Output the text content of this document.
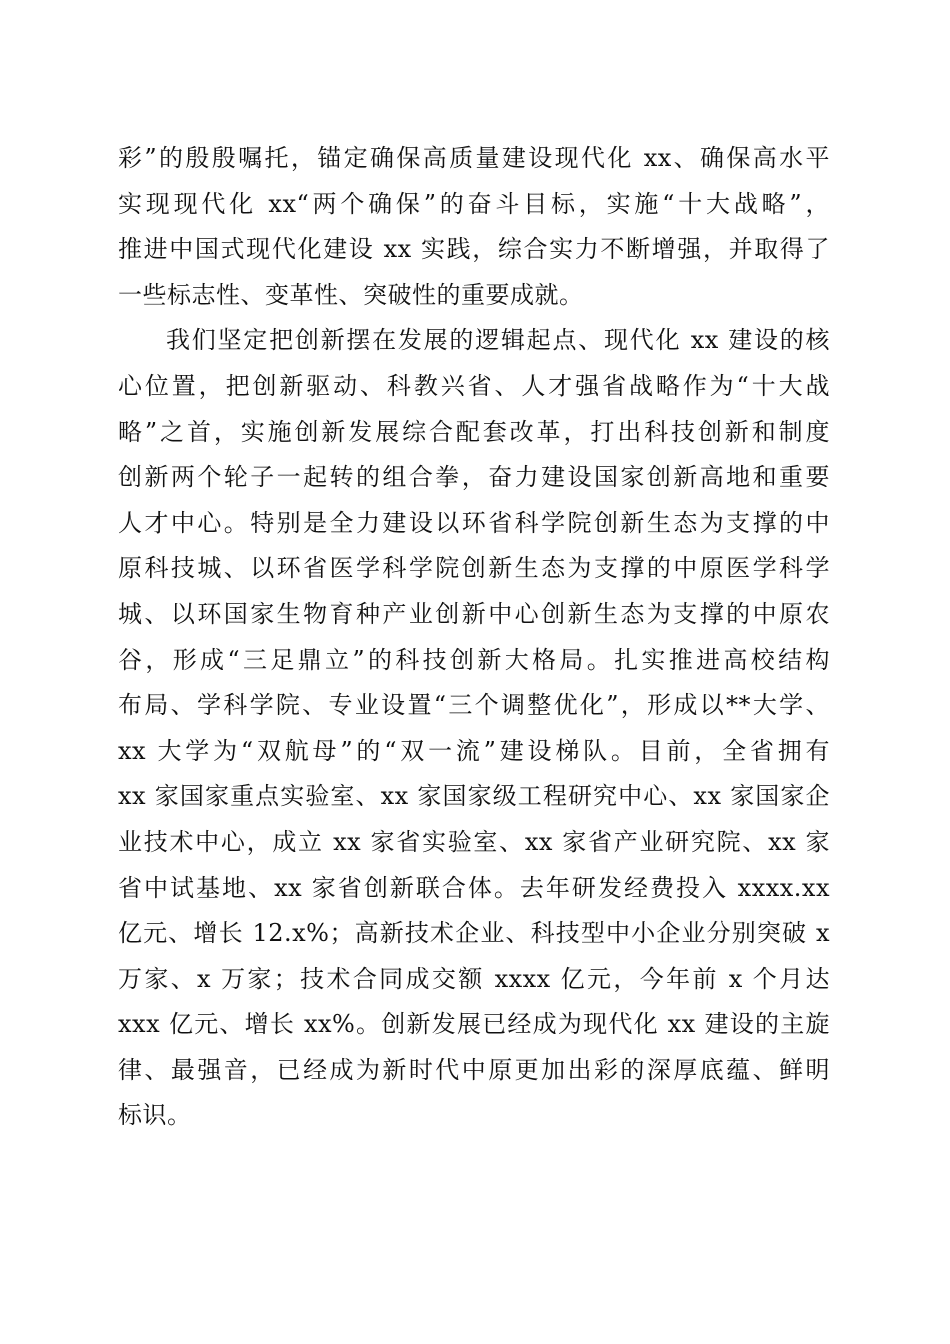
彩”的殷殷嘱托，锚定确保高质量建设现代化 xx、确保高水平
实现现代化 xx“两个确保”的奋斗目标，实施“十大战略”，
推进中国式现代化建设 xx 实践，综合实力不断增强，并取得了
一些标志性、变革性、突破性的重要成就。
我们坚定把创新摆在发展的逻辑起点、现代化 xx 建设的核
心位置，把创新驱动、科教兴省、人才强省战略作为“十大战
略”之首，实施创新发展综合配套改革，打出科技创新和制度
创新两个轮子一起转的组合拳，奋力建设国家创新高地和重要
人才中心。特别是全力建设以环省科学院创新生态为支撑的中
原科技城、以环省医学科学院创新生态为支撑的中原医学科学
城、以环国家生物育种产业创新中心创新生态为支撑的中原农
谷，形成“三足鼎立”的科技创新大格局。扎实推进高校结构
布局、学科学院、专业设置“三个调整优化”，形成以**大学、
xx 大学为“双航母”的“双一流”建设梯队。目前，全省拥有
xx 家国家重点实验室、xx 家国家级工程研究中心、xx 家国家企
业技术中心，成立 xx 家省实验室、xx 家省产业研究院、xx 家
省中试基地、xx 家省创新联合体。去年研发经费投入 xxxx.xx
亿元、增长 12.x%；高新技术企业、科技型中小企业分别突破 x
万家、x 万家；技术合同成交额 xxxx 亿元，今年前 x 个月达
xxx 亿元、增长 xx%。创新发展已经成为现代化 xx 建设的主旋
律、最强音，已经成为新时代中原更加出彩的深厚底蕴、鲜明
标识。
